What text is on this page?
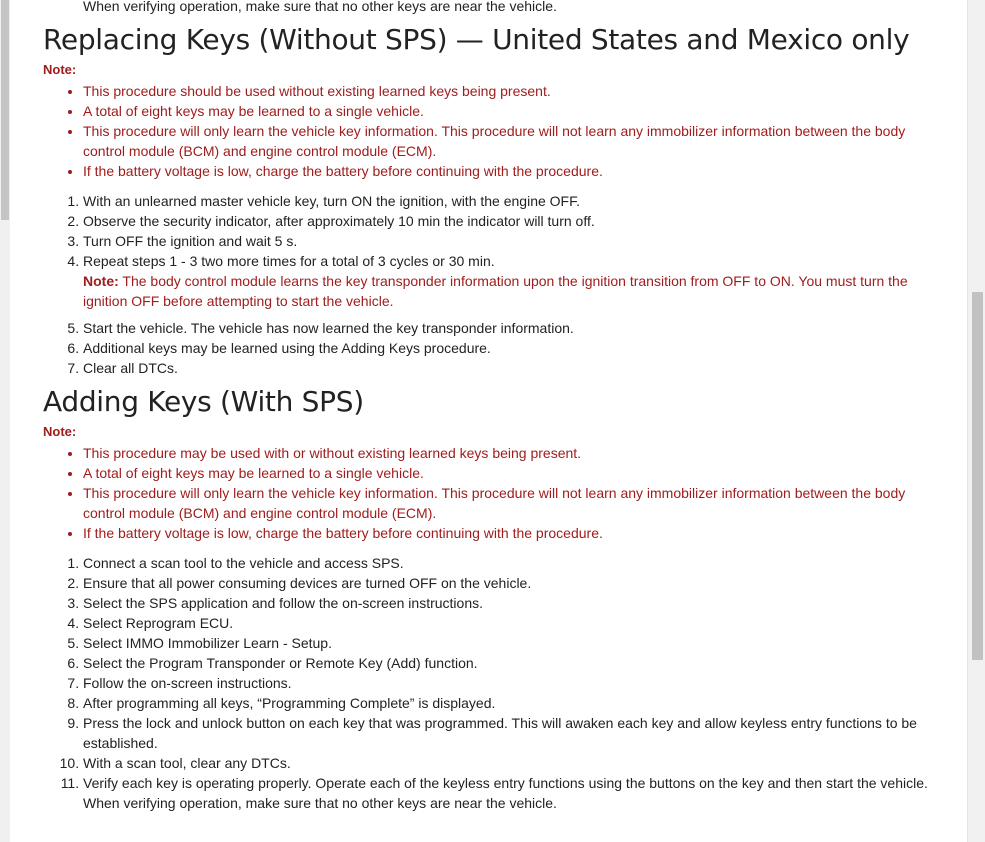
When verifying operation, make sure that no other keys are near the vehicle.

Replacing Keys (Without SPS) — United States and Mexico only
Note:
• This procedure should be used without existing learned keys being present.
• A total of eight keys may be learned to a single vehicle.
• This procedure will only learn the vehicle key information. This procedure will not learn any immobilizer information between the body control module (BCM) and engine control module (ECM).
• If the battery voltage is low, charge the battery before continuing with the procedure.
1. With an unlearned master vehicle key, turn ON the ignition, with the engine OFF.
2. Observe the security indicator, after approximately 10 min the indicator will turn off.
3. Turn OFF the ignition and wait 5 s.
4. Repeat steps 1 - 3 two more times for a total of 3 cycles or 30 min.
Note: The body control module learns the key transponder information upon the ignition transition from OFF to ON. You must turn the ignition OFF before attempting to start the vehicle.
5. Start the vehicle. The vehicle has now learned the key transponder information.
6. Additional keys may be learned using the Adding Keys procedure.
7. Clear all DTCs.
Adding Keys (With SPS)
Note:
• This procedure may be used with or without existing learned keys being present.
• A total of eight keys may be learned to a single vehicle.
• This procedure will only learn the vehicle key information. This procedure will not learn any immobilizer information between the body control module (BCM) and engine control module (ECM).
• If the battery voltage is low, charge the battery before continuing with the procedure.
1. Connect a scan tool to the vehicle and access SPS.
2. Ensure that all power consuming devices are turned OFF on the vehicle.
3. Select the SPS application and follow the on-screen instructions.
4. Select Reprogram ECU.
5. Select IMMO Immobilizer Learn - Setup.
6. Select the Program Transponder or Remote Key (Add) function.
7. Follow the on-screen instructions.
8. After programming all keys, “Programming Complete” is displayed.
9. Press the lock and unlock button on each key that was programmed. This will awaken each key and allow keyless entry functions to be established.
10. With a scan tool, clear any DTCs.
11. Verify each key is operating properly. Operate each of the keyless entry functions using the buttons on the key and then start the vehicle. When verifying operation, make sure that no other keys are near the vehicle.
